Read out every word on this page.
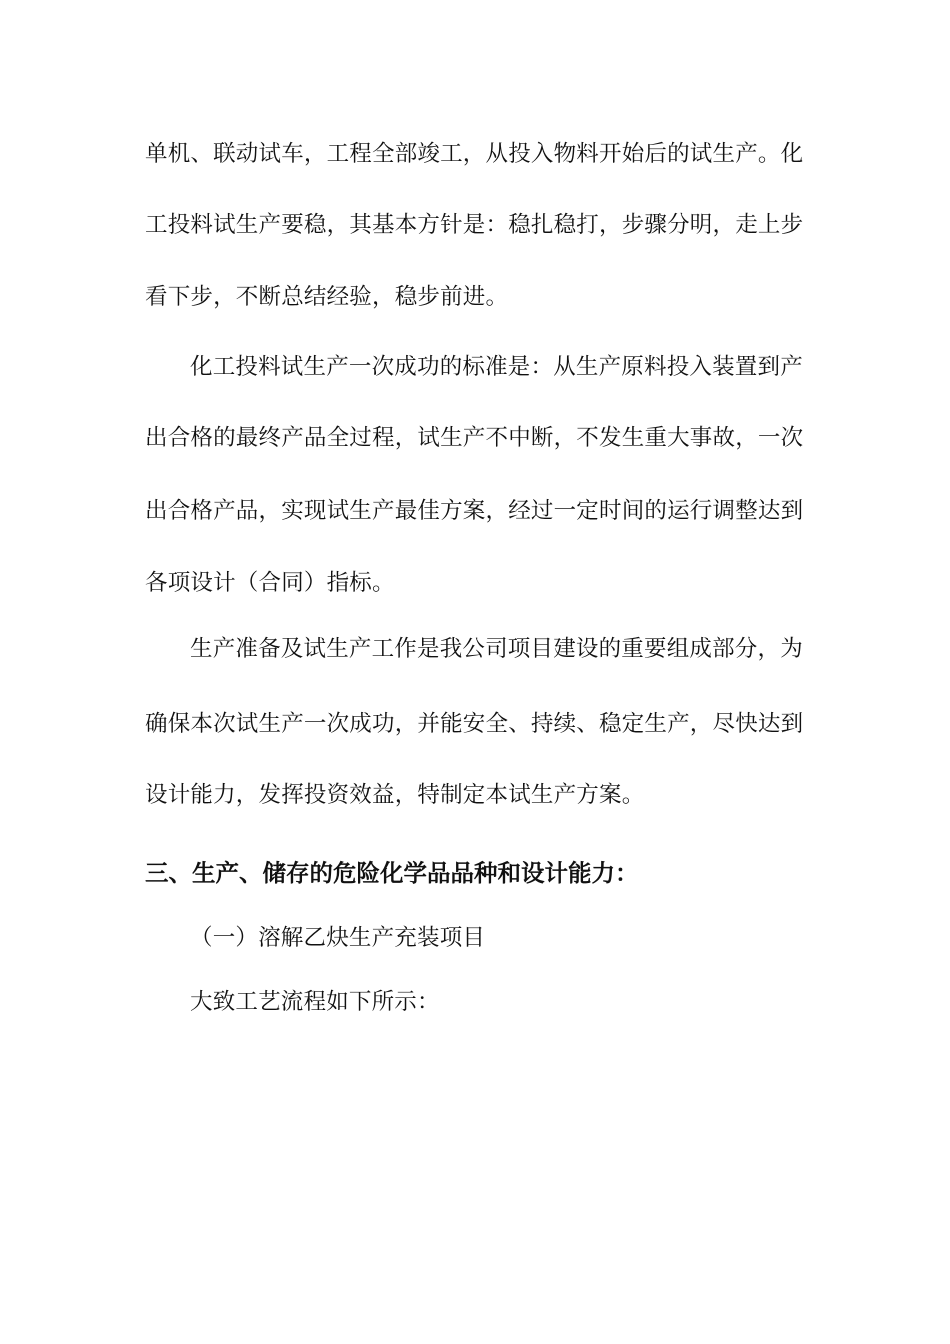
单机、联动试车，工程全部竣工，从投入物料开始后的试生产。化
工投料试生产要稳，其基本方针是：稳扎稳打，步骤分明，走上步
看下步，不断总结经验，稳步前进。
化工投料试生产一次成功的标准是：从生产原料投入装置到产
出合格的最终产品全过程，试生产不中断，不发生重大事故，一次
出合格产品，实现试生产最佳方案，经过一定时间的运行调整达到
各项设计（合同）指标。
生产准备及试生产工作是我公司项目建设的重要组成部分，为
确保本次试生产一次成功，并能安全、持续、稳定生产，尽快达到
设计能力，发挥投资效益，特制定本试生产方案。
三、生产、储存的危险化学品品种和设计能力：
（一）溶解乙炔生产充装项目
大致工艺流程如下所示：
